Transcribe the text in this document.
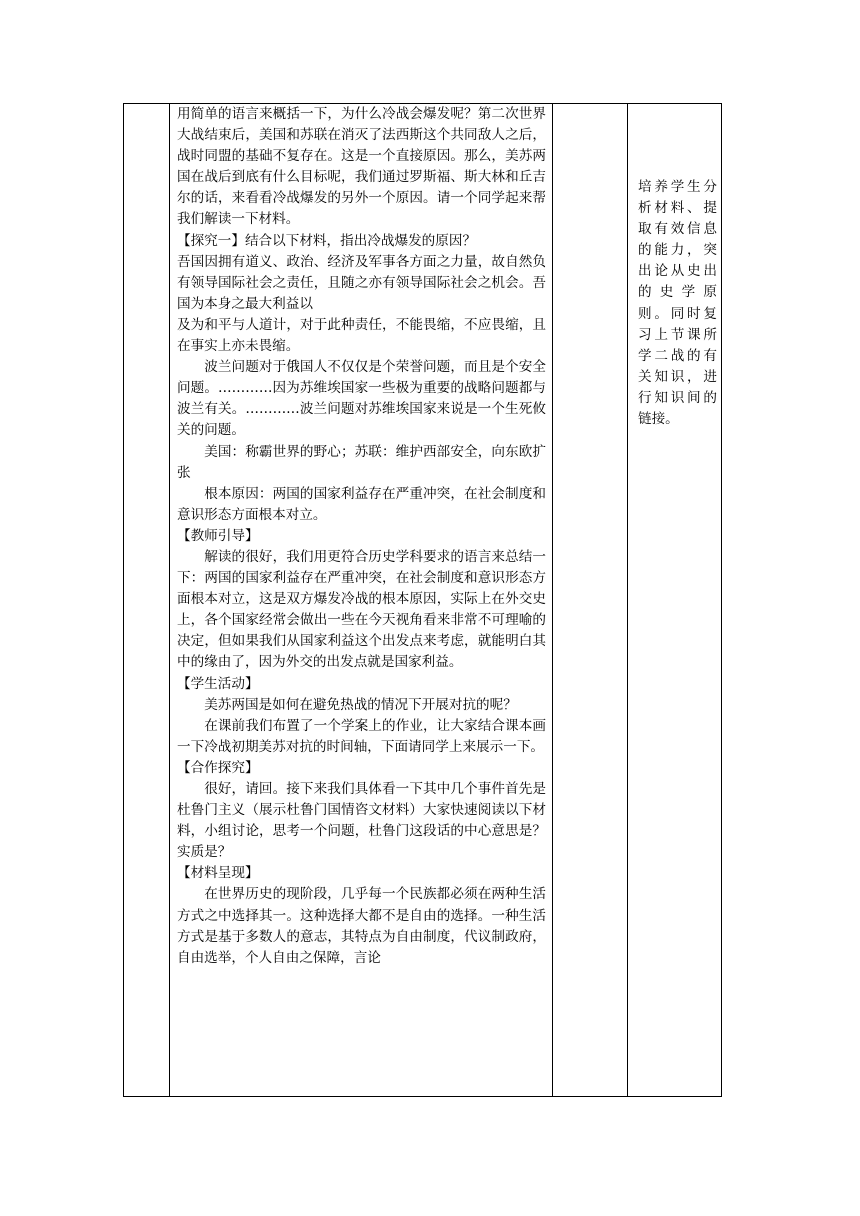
用简单的语言来概括一下，为什么冷战会爆发呢？第二次世界大战结束后，美国和苏联在消灭了法西斯这个共同敌人之后，战时同盟的基础不复存在。这是一个直接原因。那么，美苏两国在战后到底有什么目标呢，我们通过罗斯福、斯大林和丘吉尔的话，来看看冷战爆发的另外一个原因。请一个同学起来帮我们解读一下材料。

【探究一】结合以下材料，指出冷战爆发的原因？

吾国因拥有道义、政治、经济及军事各方面之力量，故自然负有领导国际社会之责任，且随之亦有领导国际社会之机会。吾国为本身之最大利益以

及为和平与人道计，对于此种责任，不能畏缩，不应畏缩，且在事实上亦未畏缩。

波兰问题对于俄国人不仅仅是个荣誉问题，而且是个安全问题。…………因为苏维埃国家一些极为重要的战略问题都与波兰有关。…………波兰问题对苏维埃国家来说是一个生死攸关的问题。

美国：称霸世界的野心；苏联：维护西部安全，向东欧扩张

根本原因：两国的国家利益存在严重冲突，在社会制度和意识形态方面根本对立。

【教师引导】

解读的很好，我们用更符合历史学科要求的语言来总结一下：两国的国家利益存在严重冲突，在社会制度和意识形态方面根本对立，这是双方爆发冷战的根本原因，实际上在外交史上，各个国家经常会做出一些在今天视角看来非常不可理喻的决定，但如果我们从国家利益这个出发点来考虑，就能明白其中的缘由了，因为外交的出发点就是国家利益。

【学生活动】

美苏两国是如何在避免热战的情况下开展对抗的呢？

在课前我们布置了一个学案上的作业，让大家结合课本画一下冷战初期美苏对抗的时间轴，下面请同学上来展示一下。

【合作探究】

很好，请回。接下来我们具体看一下其中几个事件首先是杜鲁门主义（展示杜鲁门国情咨文材料）大家快速阅读以下材料，小组讨论，思考一个问题，杜鲁门这段话的中心意思是？实质是？

【材料呈现】

在世界历史的现阶段，几乎每一个民族都必须在两种生活方式之中选择其一。这种选择大都不是自由的选择。一种生活方式是基于多数人的意志，其特点为自由制度，代议制政府，自由选举，个人自由之保障，言论

培养学生分析材料、提取有效信息的能力，突出论从史出的史学原则。同时复习上节课所学二战的有关知识，进行知识间的链接。
